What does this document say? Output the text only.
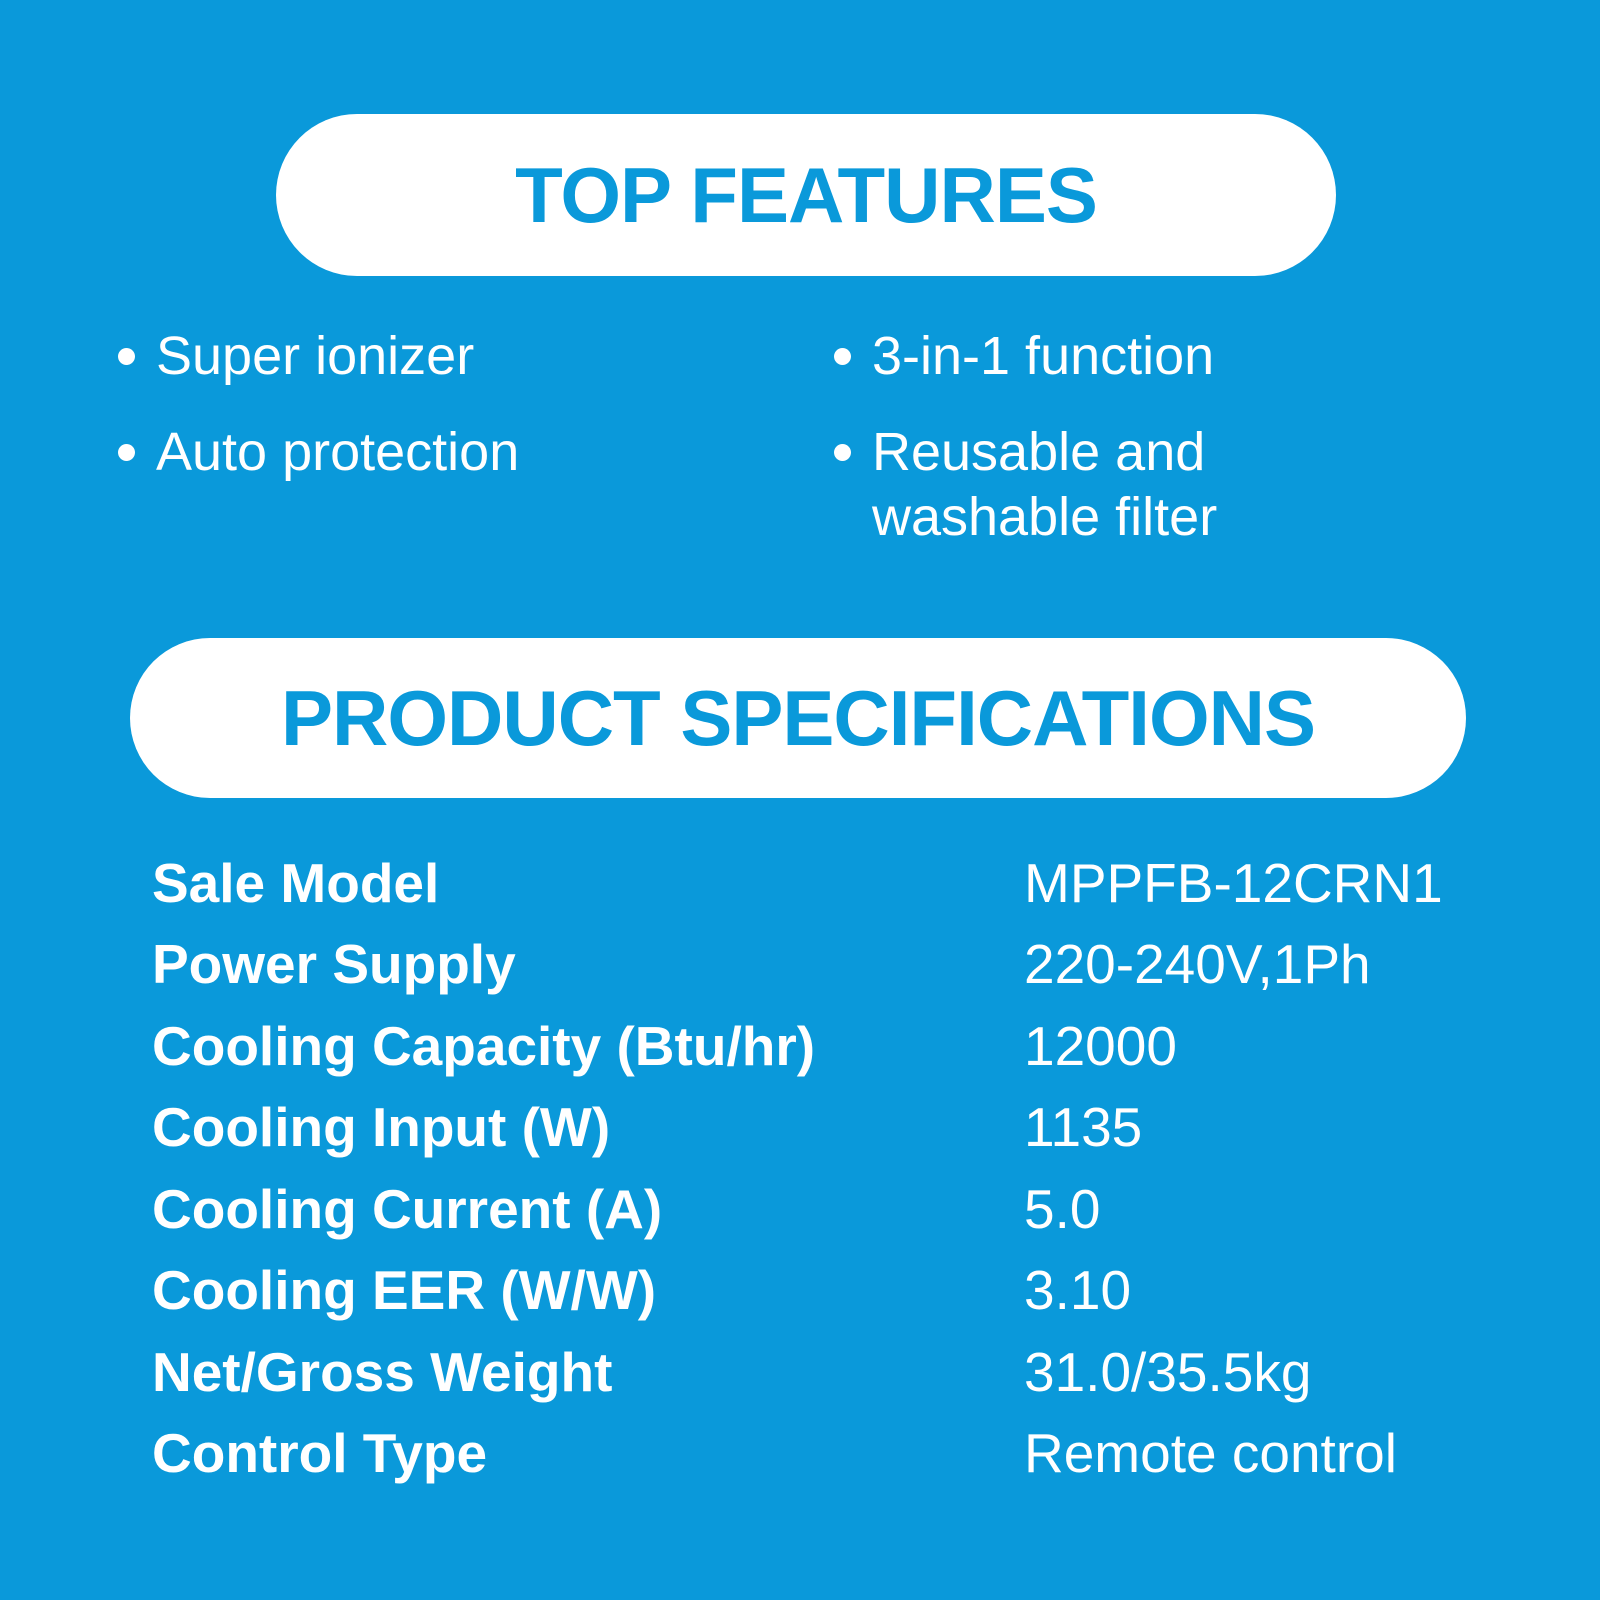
TOP FEATURES
Super ionizer
Auto protection
3-in-1 function
Reusable and washable filter
PRODUCT SPECIFICATIONS
Sale Model	MPPFB-12CRN1
Power Supply	220-240V,1Ph
Cooling Capacity (Btu/hr)	12000
Cooling Input (W)	1135
Cooling Current (A)	5.0
Cooling EER (W/W)	3.10
Net/Gross Weight	31.0/35.5kg
Control Type	Remote control
